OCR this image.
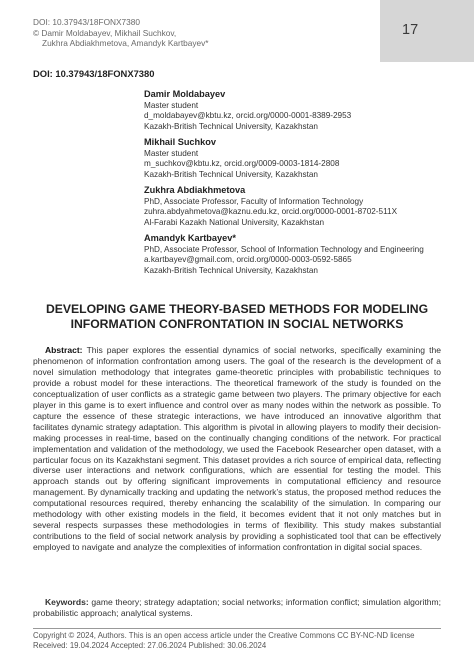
DOI: 10.37943/18FONX7380
© Damir Moldabayev, Mikhail Suchkov,
Zukhra Abdiakhmetova, Amandyk Kartbayev*
17
DOI: 10.37943/18FONX7380
Damir Moldabayev
Master student
d_moldabayev@kbtu.kz, orcid.org/0000-0001-8389-2953
Kazakh-British Technical University, Kazakhstan
Mikhail Suchkov
Master student
m_suchkov@kbtu.kz, orcid.org/0009-0003-1814-2808
Kazakh-British Technical University, Kazakhstan
Zukhra Abdiakhmetova
PhD, Associate Professor, Faculty of Information Technology
zuhra.abdyahmetova@kaznu.edu.kz, orcid.org/0000-0001-8702-511X
Al-Farabi Kazakh National University, Kazakhstan
Amandyk Kartbayev*
PhD, Associate Professor, School of Information Technology and Engineering
a.kartbayev@gmail.com, orcid.org/0000-0003-0592-5865
Kazakh-British Technical University, Kazakhstan
DEVELOPING GAME THEORY-BASED METHODS FOR MODELING
INFORMATION CONFRONTATION IN SOCIAL NETWORKS
Abstract: This paper explores the essential dynamics of social networks, specifically examining the phenomenon of information confrontation among users. The goal of the research is the development of a novel simulation methodology that integrates game-theoretic principles with probabilistic techniques to provide a robust model for these interactions. The theoretical framework of the study is founded on the conceptualization of user conflicts as a strategic game between two players. The primary objective for each player in this game is to exert influence and control over as many nodes within the network as possible. To capture the essence of these strategic interactions, we have introduced an innovative algorithm that facilitates dynamic strategy adaptation. This algorithm is pivotal in allowing players to modify their decision-making processes in real-time, based on the continually changing conditions of the network. For practical implementation and validation of the methodology, we used the Facebook Researcher open dataset, with a particular focus on its Kazakhstani segment. This dataset provides a rich source of empirical data, reflecting diverse user interactions and network configurations, which are essential for testing the model. This approach stands out by offering significant improvements in computational efficiency and resource management. By dynamically tracking and updating the network’s status, the proposed method reduces the computational resources required, thereby enhancing the scalability of the simulation. In comparing our methodology with other existing models in the field, it becomes evident that it not only matches but in several respects surpasses these methodologies in terms of flexibility. This study makes substantial contributions to the field of social network analysis by providing a sophisticated tool that can be effectively employed to navigate and analyze the complexities of information confrontation in digital social spaces.
Keywords: game theory; strategy adaptation; social networks; information conflict; simulation algorithm; probabilistic approach; analytical systems.
Copyright © 2024, Authors. This is an open access article under the Creative Commons CC BY-NC-ND license
Received: 19.04.2024 Accepted: 27.06.2024 Published: 30.06.2024
